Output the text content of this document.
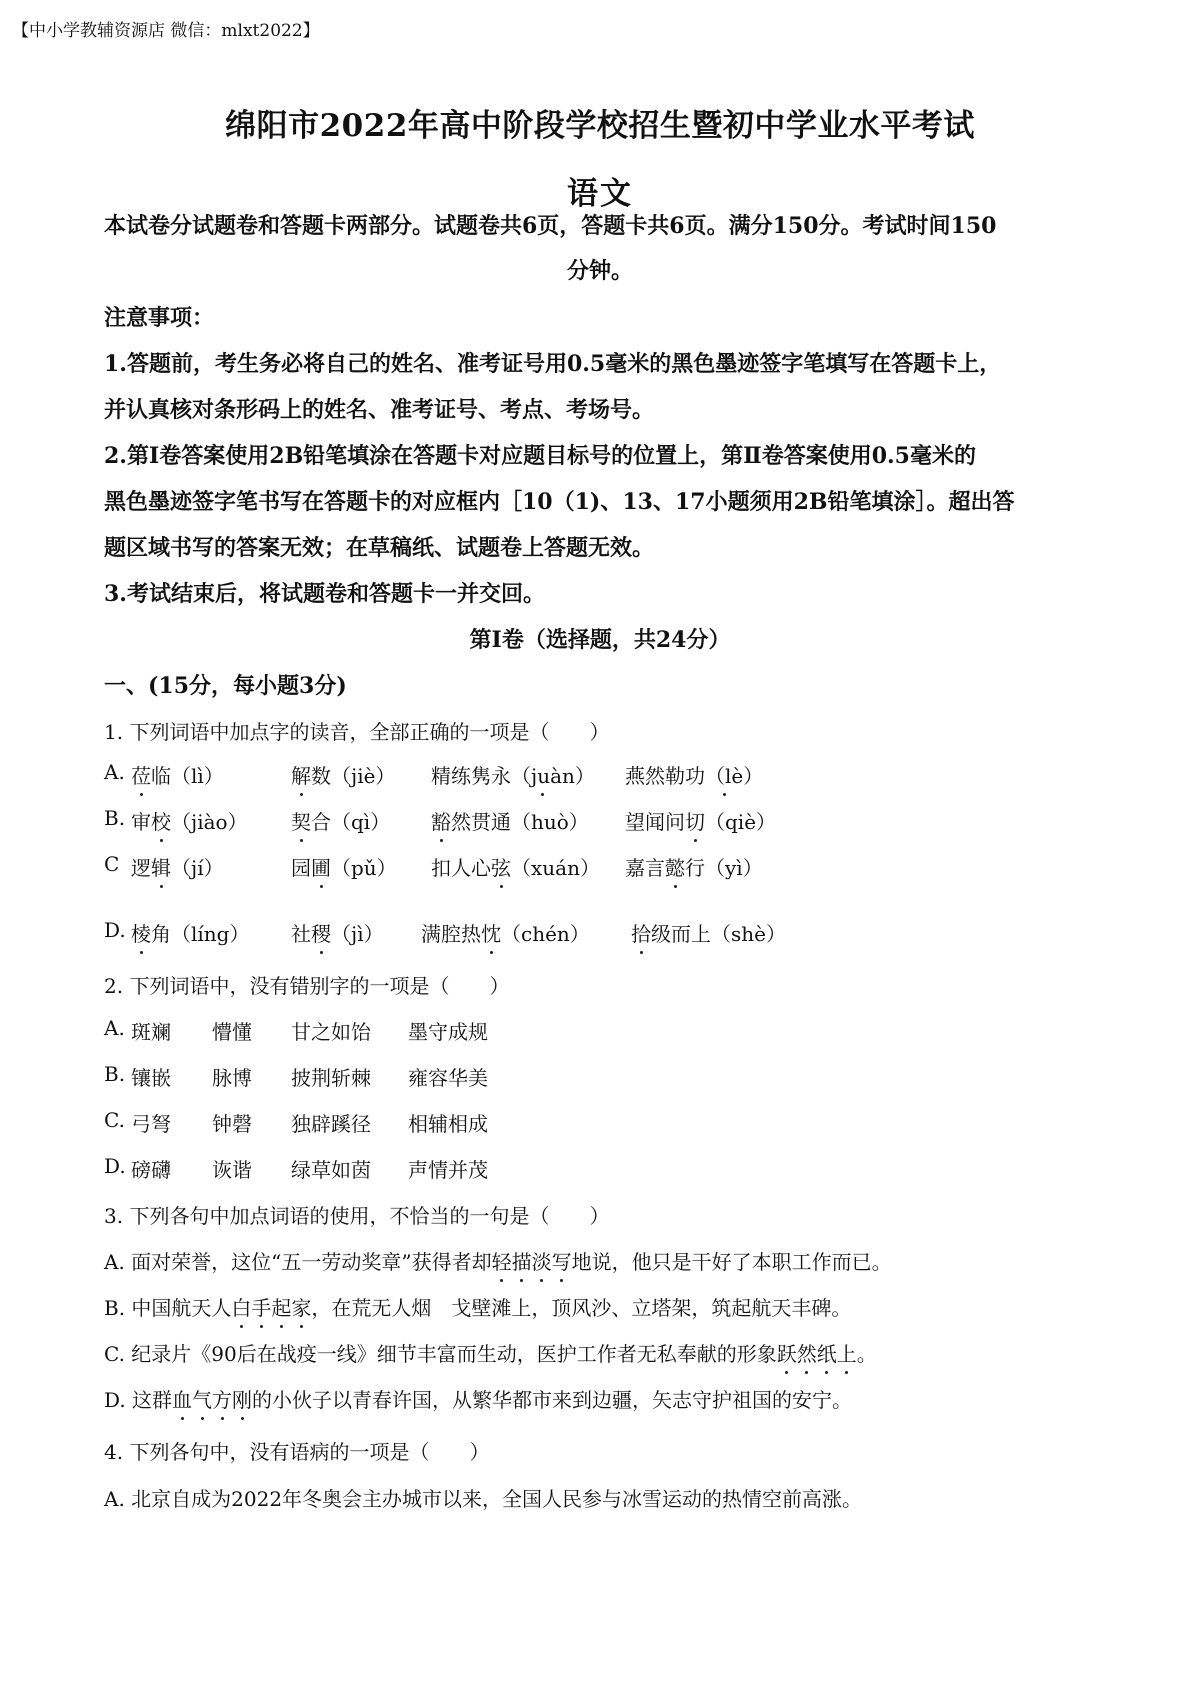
【中小学教辅资源店 微信：mlxt2022】
绵阳市2022年高中阶段学校招生暨初中学业水平考试
语文
本试卷分试题卷和答题卡两部分。试题卷共6页，答题卡共6页。满分150分。考试时间150
分钟。
注意事项：
1.答题前，考生务必将自己的姓名、准考证号用0.5毫米的黑色墨迹签字笔填写在答题卡上，
并认真核对条形码上的姓名、准考证号、考点、考场号。
2.第Ⅰ卷答案使用2B铅笔填涂在答题卡对应题目标号的位置上，第Ⅱ卷答案使用0.5毫米的
黑色墨迹签字笔书写在答题卡的对应框内［10（1)、13、17小题须用2B铅笔填涂］。超出答
题区域书写的答案无效；在草稿纸、试题卷上答题无效。
3.考试结束后，将试题卷和答题卡一并交回。
第Ⅰ卷（选择题，共24分）
一、(15分，每小题3分)
1. 下列词语中加点字的读音，全部正确的一项是（　　）
A. 莅临（lì）	解数（jiè） 精练隽永（juàn） 燕然勒功（lè）
B. 审校（jiào） 契合（qì） 豁然贯通（huò） 望闻问切（qiè）
C 逻辑（jí）	园圃（pǔ） 扣人心弦（xuán） 嘉言懿行（yì）
D. 棱角（líng） 社稷（jì） 满腔热忱（chén） 拾级而上（shè）
2. 下列词语中，没有错别字的一项是（　　）
A. 斑斓 懵懂 甘之如饴 墨守成规
B. 镶嵌 脉博 披荆斩棘 雍容华美
C. 弓弩 钟磬 独辟蹊径 相辅相成
D. 磅礴 诙谐 绿草如茵 声情并茂
3. 下列各句中加点词语的使用，不恰当的一句是（　　）
A. 面对荣誉，这位“五一劳动奖章”获得者却轻描淡写地说，他只是干好了本职工作而已。
B. 中国航天人白手起家，在荒无人烟　戈壁滩上，顶风沙、立塔架，筑起航天丰碑。
C. 纪录片《90后在战疫一线》细节丰富而生动，医护工作者无私奉献的形象跃然纸上。
D. 这群血气方刚的小伙子以青春许国，从繁华都市来到边疆，矢志守护祖国的安宁。
4. 下列各句中，没有语病的一项是（　　）
A. 北京自成为2022年冬奥会主办城市以来，全国人民参与冰雪运动的热情空前高涨。
